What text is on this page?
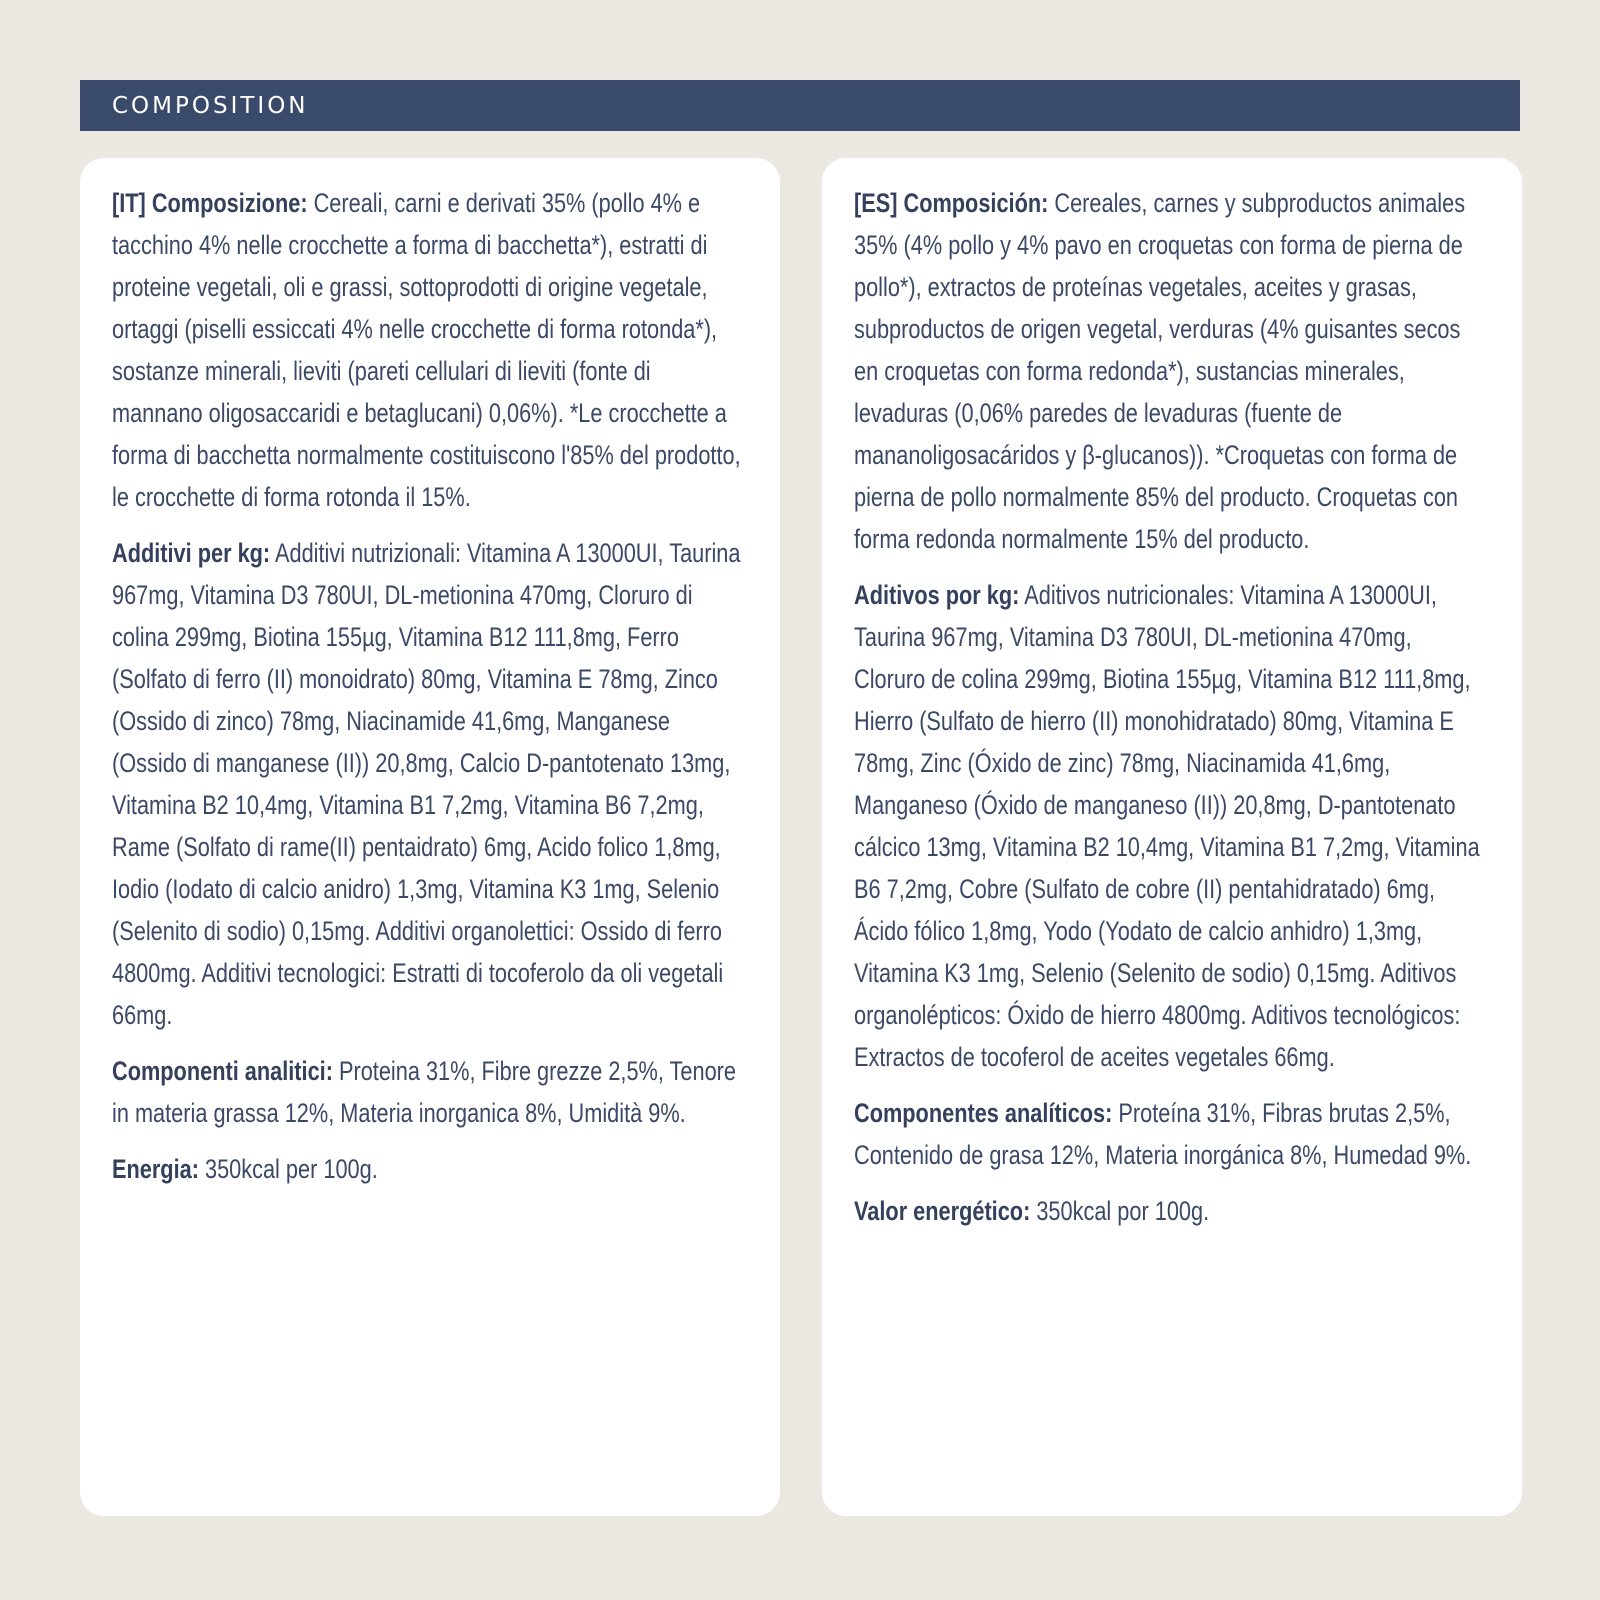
COMPOSITION

[IT] Composizione: Cereali, carni e derivati 35% (pollo 4% e tacchino 4% nelle crocchette a forma di bacchetta*), estratti di proteine vegetali, oli e grassi, sottoprodotti di origine vegetale, ortaggi (piselli essiccati 4% nelle crocchette di forma rotonda*), sostanze minerali, lieviti (pareti cellulari di lieviti (fonte di mannano oligosaccaridi e betaglucani) 0,06%). *Le crocchette a forma di bacchetta normalmente costituiscono l'85% del prodotto, le crocchette di forma rotonda il 15%.

Additivi per kg: Additivi nutrizionali: Vitamina A 13000UI, Taurina 967mg, Vitamina D3 780UI, DL-metionina 470mg, Cloruro di colina 299mg, Biotina 155µg, Vitamina B12 111,8mg, Ferro (Solfato di ferro (II) monoidrato) 80mg, Vitamina E 78mg, Zinco (Ossido di zinco) 78mg, Niacinamide 41,6mg, Manganese (Ossido di manganese (II)) 20,8mg, Calcio D-pantotenato 13mg, Vitamina B2 10,4mg, Vitamina B1 7,2mg, Vitamina B6 7,2mg, Rame (Solfato di rame(II) pentaidrato) 6mg, Acido folico 1,8mg, Iodio (Iodato di calcio anidro) 1,3mg, Vitamina K3 1mg, Selenio (Selenito di sodio) 0,15mg. Additivi organolettici: Ossido di ferro 4800mg. Additivi tecnologici: Estratti di tocoferolo da oli vegetali 66mg.

Componenti analitici: Proteina 31%, Fibre grezze 2,5%, Tenore in materia grassa 12%, Materia inorganica 8%, Umidità 9%.

Energia: 350kcal per 100g.

[ES] Composición: Cereales, carnes y subproductos animales 35% (4% pollo y 4% pavo en croquetas con forma de pierna de pollo*), extractos de proteínas vegetales, aceites y grasas, subproductos de origen vegetal, verduras (4% guisantes secos en croquetas con forma redonda*), sustancias minerales, levaduras (0,06% paredes de levaduras (fuente de mananoligosacáridos y β-glucanos)). *Croquetas con forma de pierna de pollo normalmente 85% del producto. Croquetas con forma redonda normalmente 15% del producto.

Aditivos por kg: Aditivos nutricionales: Vitamina A 13000UI, Taurina 967mg, Vitamina D3 780UI, DL-metionina 470mg, Cloruro de colina 299mg, Biotina 155µg, Vitamina B12 111,8mg, Hierro (Sulfato de hierro (II) monohidratado) 80mg, Vitamina E 78mg, Zinc (Óxido de zinc) 78mg, Niacinamida 41,6mg, Manganeso (Óxido de manganeso (II)) 20,8mg, D-pantotenato cálcico 13mg, Vitamina B2 10,4mg, Vitamina B1 7,2mg, Vitamina B6 7,2mg, Cobre (Sulfato de cobre (II) pentahidratado) 6mg, Ácido fólico 1,8mg, Yodo (Yodato de calcio anhidro) 1,3mg, Vitamina K3 1mg, Selenio (Selenito de sodio) 0,15mg. Aditivos organolépticos: Óxido de hierro 4800mg. Aditivos tecnológicos: Extractos de tocoferol de aceites vegetales 66mg.

Componentes analíticos: Proteína 31%, Fibras brutas 2,5%, Contenido de grasa 12%, Materia inorgánica 8%, Humedad 9%.

Valor energético: 350kcal por 100g.
